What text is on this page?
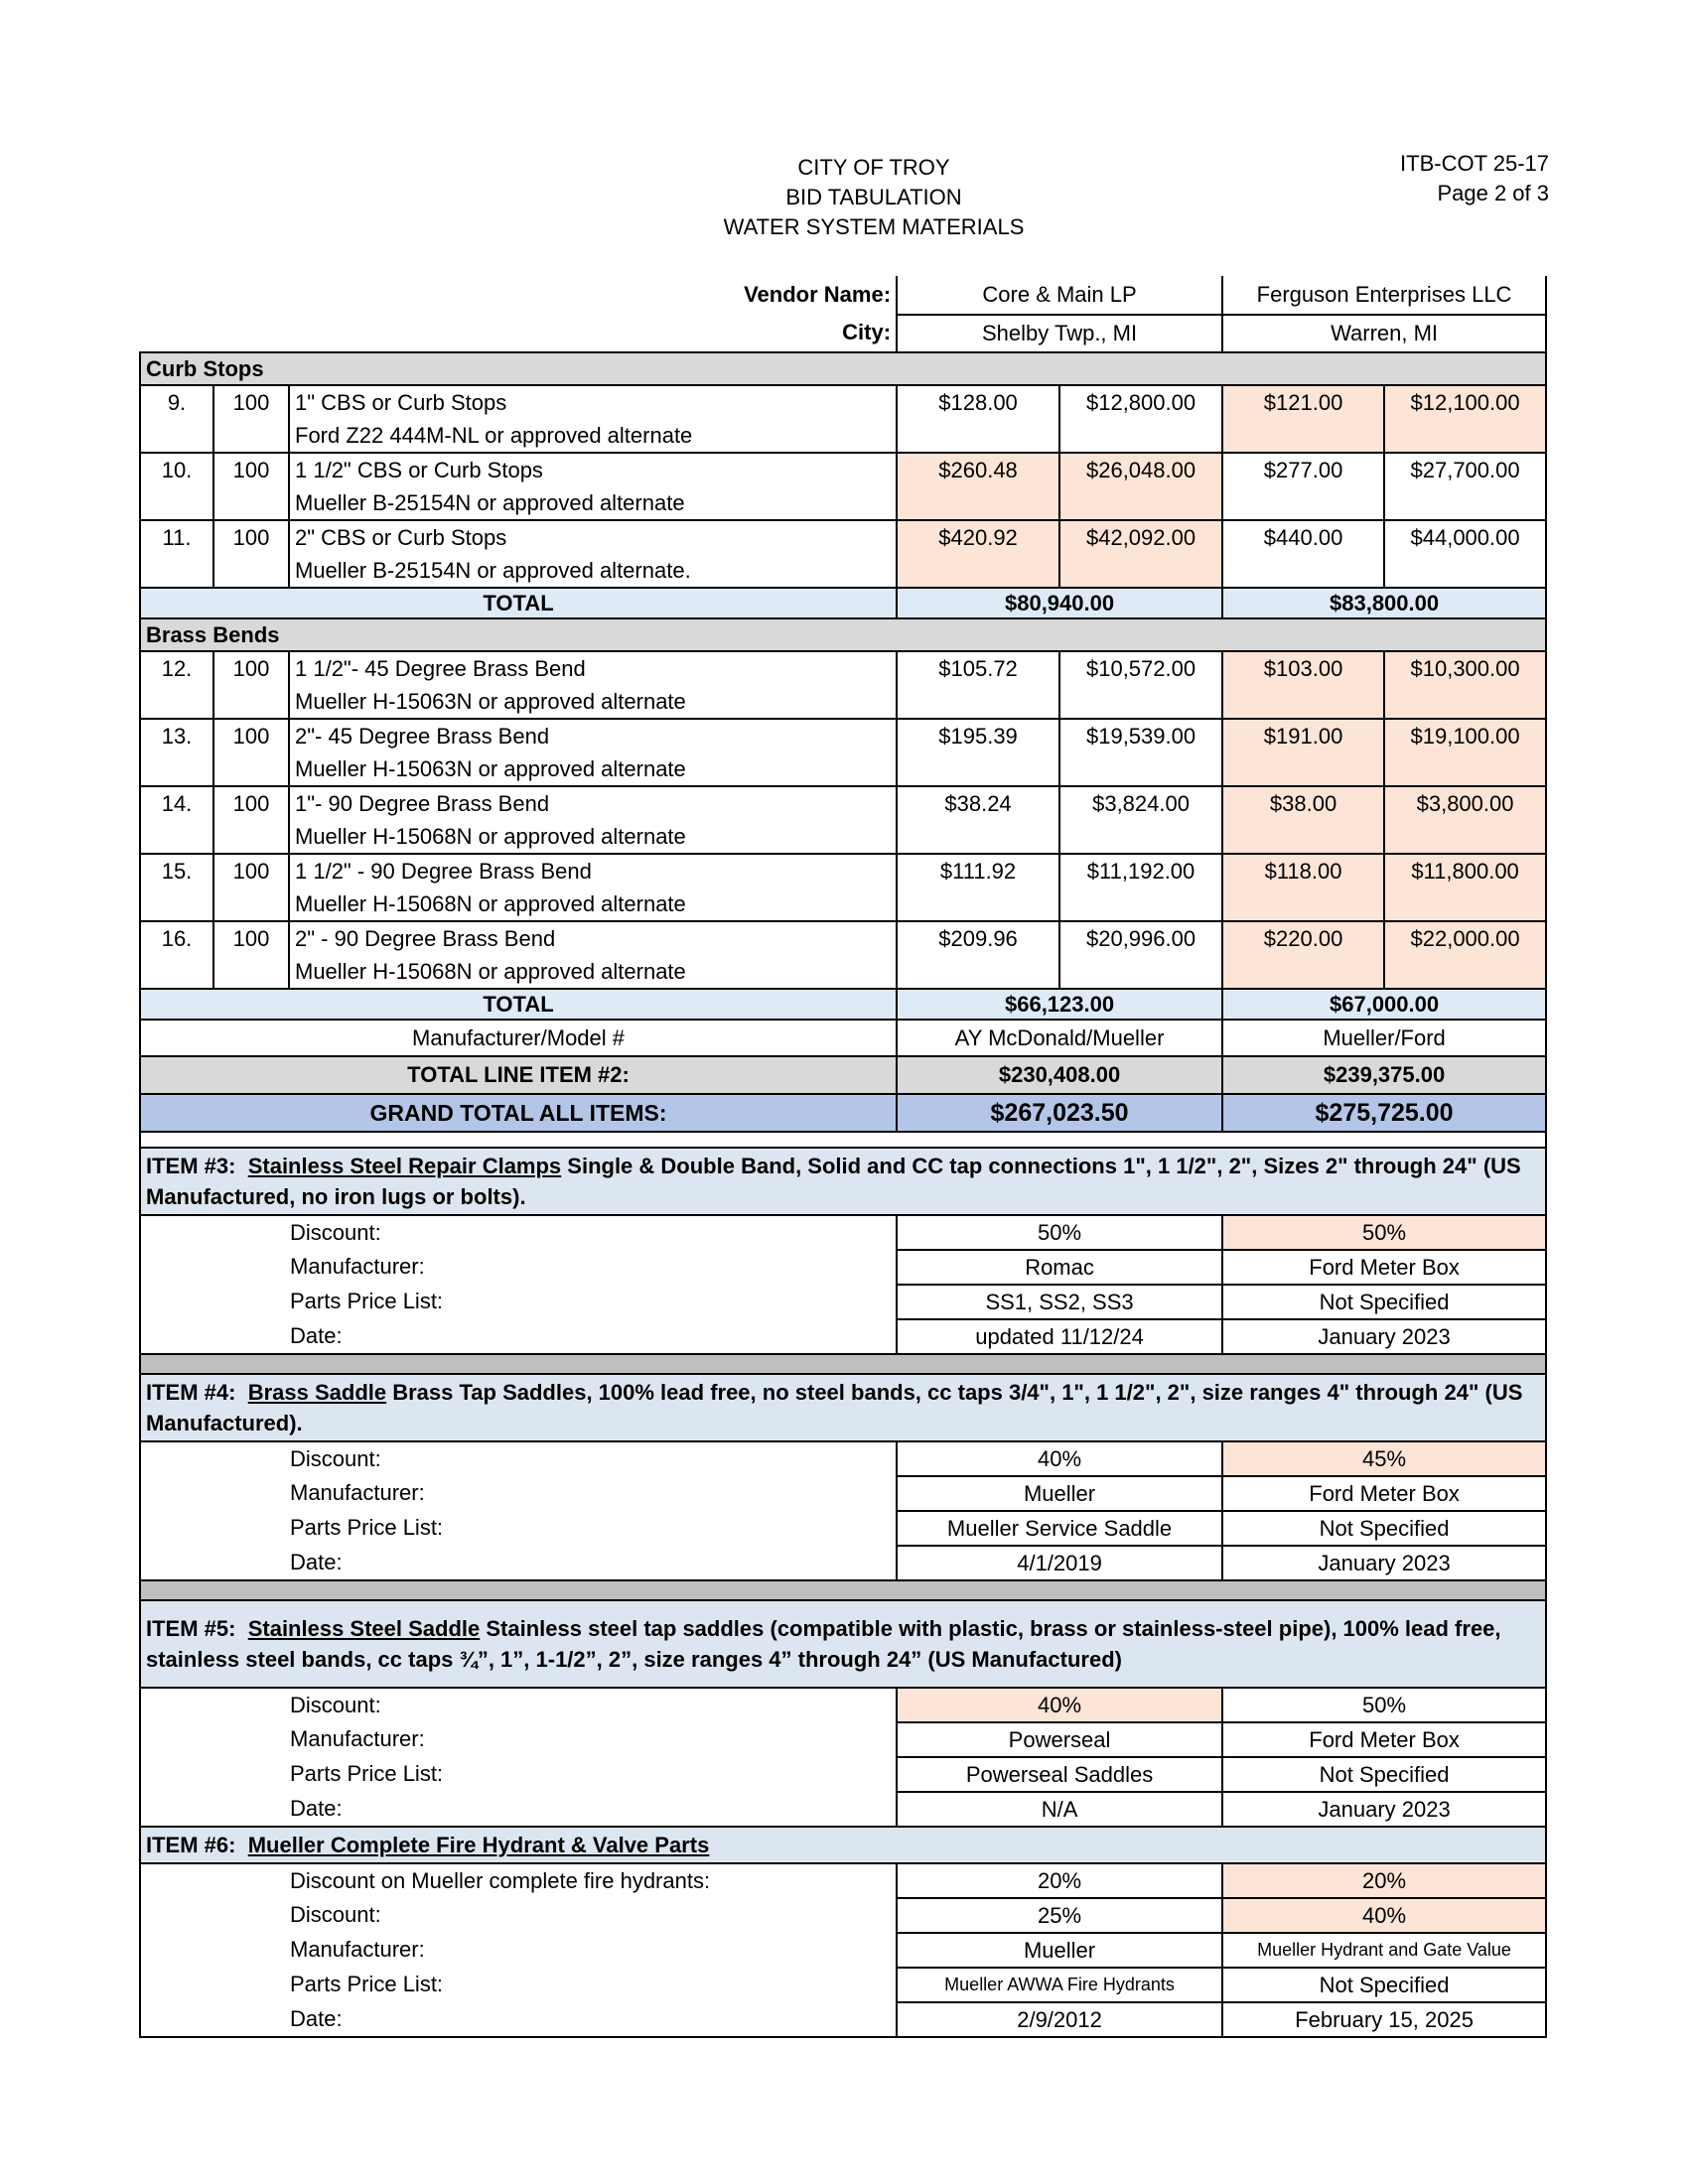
CITY OF TROY
BID TABULATION
WATER SYSTEM MATERIALS
ITB-COT 25-17
Page 2 of 3
Vendor Name:			Core & Main LP		Ferguson Enterprises LLC	
City:			Shelby Twp., MI		Warren, MI	
Curb Stops						
9.	100	1" CBS or Curb Stops
Ford Z22 444M-NL or approved alternate	$128.00	$12,800.00	$121.00	$12,100.00
10.	100	1 1/2" CBS or Curb Stops
Mueller B-25154N or approved alternate	$260.48	$26,048.00	$277.00	$27,700.00
11.	100	2" CBS or Curb Stops
Mueller B-25154N or approved alternate.	$420.92	$42,092.00	$440.00	$44,000.00
TOTAL			$80,940.00		$83,800.00	
Brass Bends						
12.	100	1 1/2"- 45 Degree Brass Bend
Mueller H-15063N or approved alternate	$105.72	$10,572.00	$103.00	$10,300.00
13.	100	2"- 45 Degree Brass Bend
Mueller H-15063N or approved alternate	$195.39	$19,539.00	$191.00	$19,100.00
14.	100	1"- 90 Degree Brass Bend
Mueller H-15068N or approved alternate	$38.24	$3,824.00	$38.00	$3,800.00
15.	100	1 1/2" - 90 Degree Brass Bend
Mueller H-15068N or approved alternate	$111.92	$11,192.00	$118.00	$11,800.00
16.	100	2" - 90 Degree Brass Bend
Mueller H-15068N or approved alternate	$209.96	$20,996.00	$220.00	$22,000.00
TOTAL			$66,123.00		$67,000.00	
Manufacturer/Model #			AY McDonald/Mueller		Mueller/Ford	
TOTAL LINE ITEM #2:			$230,408.00		$239,375.00	
GRAND TOTAL ALL ITEMS:			$267,023.50		$275,725.00	

ITEM #3: Stainless Steel Repair Clamps Single & Double Band, Solid and CC tap connections 1", 1 1/2", 2", Sizes 2" through 24" (US Manufactured, no iron lugs or bolts).						
Discount:			50%		50%	
Manufacturer:			Romac		Ford Meter Box	
Parts Price List:			SS1, SS2, SS3		Not Specified	
Date:			updated 11/12/24		January 2023	

ITEM #4: Brass Saddle Brass Tap Saddles, 100% lead free, no steel bands, cc taps 3/4", 1", 1 1/2", 2", size ranges 4" through 24" (US Manufactured).						
Discount:			40%		45%	
Manufacturer:			Mueller		Ford Meter Box	
Parts Price List:			Mueller Service Saddle		Not Specified	
Date:			4/1/2019		January 2023	

ITEM #5: Stainless Steel Saddle Stainless steel tap saddles (compatible with plastic, brass or stainless-steel pipe), 100% lead free, stainless steel bands, cc taps ¾”, 1”, 1-1/2”, 2”, size ranges 4” through 24” (US Manufactured)						
Discount:			40%		50%	
Manufacturer:			Powerseal		Ford Meter Box	
Parts Price List:			Powerseal Saddles		Not Specified	
Date:			N/A		January 2023	
ITEM #6: Mueller Complete Fire Hydrant & Valve Parts						
Discount on Mueller complete fire hydrants:			20%		20%	
Discount:			25%		40%	
Manufacturer:			Mueller		Mueller Hydrant and Gate Value	
Parts Price List:			Mueller AWWA Fire Hydrants		Not Specified	
Date:			2/9/2012		February 15, 2025	
